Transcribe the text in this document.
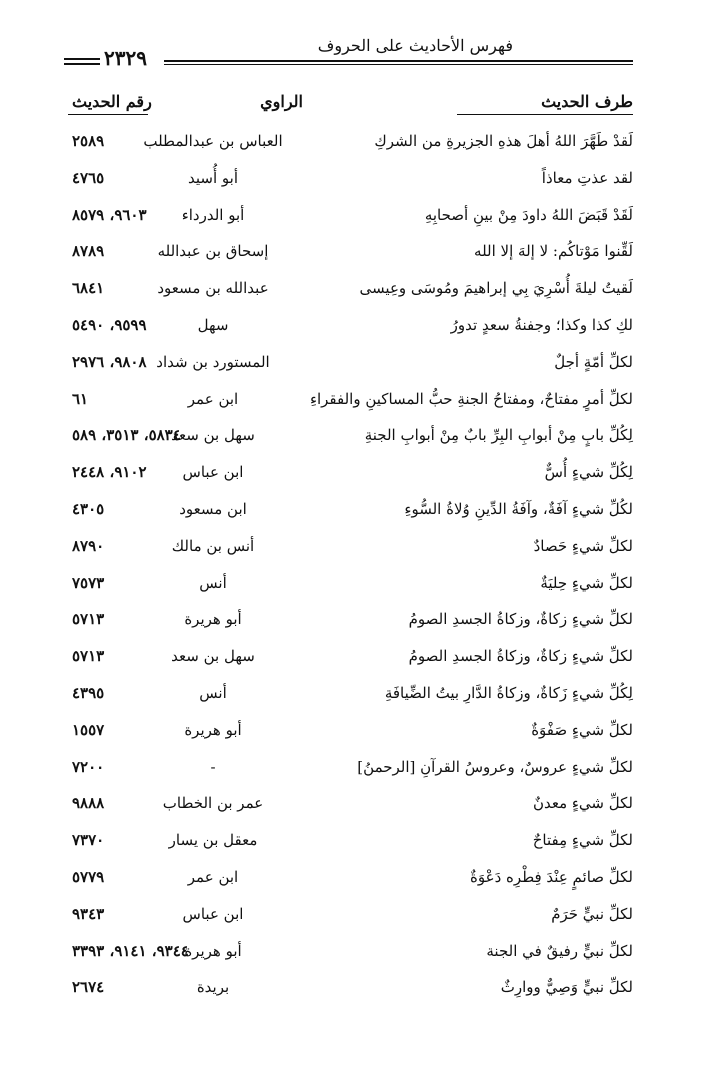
فهرس الأحاديث على الحروف
٢٣٢٩
طرف الحديث
الراوي
رقم الحديث
لَقدْ طَهَّرَ اللهُ أهلَ هذهِ الجزيرةِ من الشركِ
العباس بن عبدالمطلب
٢٥٨٩
لقد عذتِ معاذاً
أبو أُسيد
٤٧٦٥
لَقَدْ قَبَضَ اللهُ داودَ مِنْ بينِ أصحابِهِ
أبو الدرداء
٩٦٠٣، ٨٥٧٩
لَقِّنوا مَوْتاكُم: لا إلهَ إلا الله
إسحاق بن عبدالله
٨٧٨٩
لَقيتُ ليلةَ أُسْرِيَ بِي إبراهيمَ ومُوسَى وعِيسى
عبدالله بن مسعود
٦٨٤١
لكِ كذا وكذا؛ وجفنةُ سعدٍ تدورُ
سهل
٩٥٩٩، ٥٤٩٠
لكلِّ أمّةٍ أجلٌ
المستورد بن شداد
٩٨٠٨، ٢٩٧٦
لكلِّ أمرٍ مفتاحٌ، ومفتاحُ الجنةِ حبُّ المساكينِ والفقراءِ
ابن عمر
٦١
لِكُلِّ بابٍ مِنْ أبوابِ البِرِّ بابٌ مِنْ أبوابِ الجنةِ
سهل بن سعد
٥٨٣٤، ٣٥١٣، ٥٨٩
لِكُلِّ شيءٍ أُسٌّ
ابن عباس
٩١٠٢، ٢٤٤٨
لكُلِّ شيءٍ آفَةٌ، وآفَةُ الدِّينِ وُلاةُ السُّوءِ
ابن مسعود
٤٣٠٥
لكلِّ شيءٍ حَصادٌ
أنس بن مالك
٨٧٩٠
لكلِّ شيءٍ حِليَةٌ
أنس
٧٥٧٣
لكلِّ شيءٍ زكاةٌ، وزكاةُ الجسدِ الصومُ
أبو هريرة
٥٧١٣
لكلِّ شيءٍ زكاةٌ، وزكاةُ الجسدِ الصومُ
سهل بن سعد
٥٧١٣
لِكُلِّ شيءٍ زَكاةٌ، وزكاةُ الدَّارِ بيتُ الضِّيافَةِ
أنس
٤٣٩٥
لكلِّ شيءٍ صَفْوَةٌ
أبو هريرة
١٥٥٧
لكلِّ شيءٍ عروسٌ، وعروسُ القرآنِ [الرحمنُ]
-
٧٢٠٠
لكلِّ شيءٍ معدنٌ
عمر بن الخطاب
٩٨٨٨
لكلِّ شيءٍ مِفتاحٌ
معقل بن يسار
٧٣٧٠
لكلِّ صائمٍ عِنْدَ فِطْرِه دَعْوَةٌ
ابن عمر
٥٧٧٩
لكلِّ نبيٍّ حَرَمٌ
ابن عباس
٩٣٤٣
لكلِّ نبيٍّ رفيقٌ في الجنة
أبو هريرة
٩٣٤٤، ٩١٤١، ٣٣٩٣
لكلِّ نبيٍّ وَصِيٌّ ووارِثٌ
بريدة
٢٦٧٤
